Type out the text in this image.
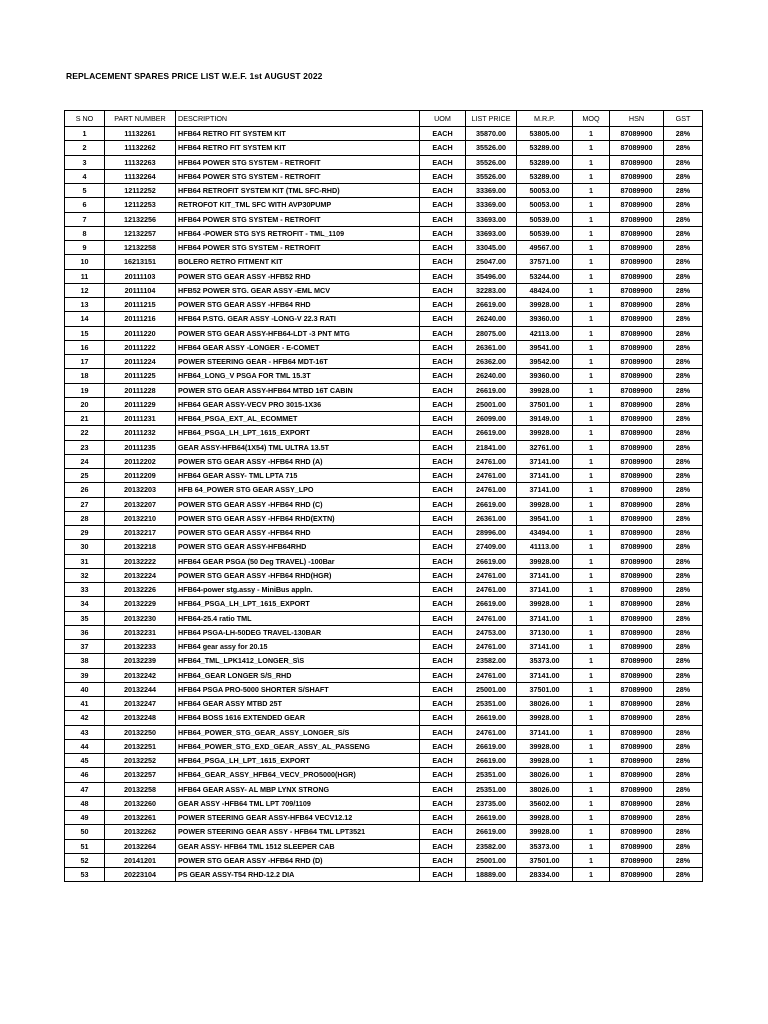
REPLACEMENT SPARES PRICE LIST W.E.F. 1st AUGUST 2022
S NO	PART NUMBER	DESCRIPTION	UOM	LIST PRICE	M.R.P.	MOQ	HSN	GST
1	11132261	HFB64 RETRO FIT SYSTEM KIT	EACH	35870.00	53805.00	1	87089900	28%
2	11132262	HFB64 RETRO FIT SYSTEM KIT	EACH	35526.00	53289.00	1	87089900	28%
3	11132263	HFB64 POWER STG SYSTEM - RETROFIT	EACH	35526.00	53289.00	1	87089900	28%
4	11132264	HFB64 POWER STG SYSTEM - RETROFIT	EACH	35526.00	53289.00	1	87089900	28%
5	12112252	HFB64 RETROFIT SYSTEM KIT (TML SFC-RHD)	EACH	33369.00	50053.00	1	87089900	28%
6	12112253	RETROFOT KIT_TML SFC WITH AVP30PUMP	EACH	33369.00	50053.00	1	87089900	28%
7	12132256	HFB64 POWER STG SYSTEM - RETROFIT	EACH	33693.00	50539.00	1	87089900	28%
8	12132257	HFB64 -POWER STG SYS RETROFIT - TML_1109	EACH	33693.00	50539.00	1	87089900	28%
9	12132258	HFB64 POWER STG SYSTEM - RETROFIT	EACH	33045.00	49567.00	1	87089900	28%
10	16213151	BOLERO RETRO FITMENT KIT	EACH	25047.00	37571.00	1	87089900	28%
11	20111103	POWER STG GEAR ASSY -HFB52 RHD	EACH	35496.00	53244.00	1	87089900	28%
12	20111104	HFB52 POWER STG. GEAR ASSY -EML MCV	EACH	32283.00	48424.00	1	87089900	28%
13	20111215	POWER STG GEAR ASSY -HFB64 RHD	EACH	26619.00	39928.00	1	87089900	28%
14	20111216	HFB64 P.STG. GEAR ASSY -LONG-V 22.3 RATI	EACH	26240.00	39360.00	1	87089900	28%
15	20111220	POWER STG GEAR ASSY-HFB64-LDT -3 PNT MTG	EACH	28075.00	42113.00	1	87089900	28%
16	20111222	HFB64 GEAR ASSY -LONGER - E-COMET	EACH	26361.00	39541.00	1	87089900	28%
17	20111224	POWER STEERING GEAR - HFB64 MDT-16T	EACH	26362.00	39542.00	1	87089900	28%
18	20111225	HFB64_LONG_V PSGA FOR TML 15.3T	EACH	26240.00	39360.00	1	87089900	28%
19	20111228	POWER STG GEAR ASSY-HFB64 MTBD 16T CABIN	EACH	26619.00	39928.00	1	87089900	28%
20	20111229	HFB64 GEAR ASSY-VECV PRO 3015-1X36	EACH	25001.00	37501.00	1	87089900	28%
21	20111231	HFB64_PSGA_EXT_AL_ECOMMET	EACH	26099.00	39149.00	1	87089900	28%
22	20111232	HFB64_PSGA_LH_LPT_1615_EXPORT	EACH	26619.00	39928.00	1	87089900	28%
23	20111235	GEAR ASSY-HFB64(1X54) TML ULTRA 13.5T	EACH	21841.00	32761.00	1	87089900	28%
24	20112202	POWER STG GEAR ASSY -HFB64 RHD (A)	EACH	24761.00	37141.00	1	87089900	28%
25	20112209	HFB64 GEAR ASSY- TML LPTA 715	EACH	24761.00	37141.00	1	87089900	28%
26	20132203	HFB 64_POWER STG GEAR ASSY_LPO	EACH	24761.00	37141.00	1	87089900	28%
27	20132207	POWER STG GEAR ASSY -HFB64 RHD (C)	EACH	26619.00	39928.00	1	87089900	28%
28	20132210	POWER STG GEAR ASSY -HFB64 RHD(EXTN)	EACH	26361.00	39541.00	1	87089900	28%
29	20132217	POWER STG GEAR ASSY -HFB64 RHD	EACH	28996.00	43494.00	1	87089900	28%
30	20132218	POWER STG GEAR ASSY-HFB64RHD	EACH	27409.00	41113.00	1	87089900	28%
31	20132222	HFB64 GEAR PSGA (50 Deg TRAVEL) -100Bar	EACH	26619.00	39928.00	1	87089900	28%
32	20132224	POWER STG GEAR ASSY -HFB64 RHD(HGR)	EACH	24761.00	37141.00	1	87089900	28%
33	20132226	HFB64-power stg.assy - MiniBus appln.	EACH	24761.00	37141.00	1	87089900	28%
34	20132229	HFB64_PSGA_LH_LPT_1615_EXPORT	EACH	26619.00	39928.00	1	87089900	28%
35	20132230	HFB64-25.4 ratio TML	EACH	24761.00	37141.00	1	87089900	28%
36	20132231	HFB64 PSGA-LH-50DEG TRAVEL-130BAR	EACH	24753.00	37130.00	1	87089900	28%
37	20132233	HFB64 gear assy for 20.15	EACH	24761.00	37141.00	1	87089900	28%
38	20132239	HFB64_TML_LPK1412_LONGER_S\S	EACH	23582.00	35373.00	1	87089900	28%
39	20132242	HFB64_GEAR LONGER S/S_RHD	EACH	24761.00	37141.00	1	87089900	28%
40	20132244	HFB64 PSGA PRO-5000 SHORTER S/SHAFT	EACH	25001.00	37501.00	1	87089900	28%
41	20132247	HFB64 GEAR ASSY MTBD 25T	EACH	25351.00	38026.00	1	87089900	28%
42	20132248	HFB64 BOSS 1616 EXTENDED GEAR	EACH	26619.00	39928.00	1	87089900	28%
43	20132250	HFB64_POWER_STG_GEAR_ASSY_LONGER_S/S	EACH	24761.00	37141.00	1	87089900	28%
44	20132251	HFB64_POWER_STG_EXD_GEAR_ASSY_AL_PASSENG	EACH	26619.00	39928.00	1	87089900	28%
45	20132252	HFB64_PSGA_LH_LPT_1615_EXPORT	EACH	26619.00	39928.00	1	87089900	28%
46	20132257	HFB64_GEAR_ASSY_HFB64_VECV_PRO5000(HGR)	EACH	25351.00	38026.00	1	87089900	28%
47	20132258	HFB64 GEAR ASSY- AL MBP LYNX STRONG	EACH	25351.00	38026.00	1	87089900	28%
48	20132260	GEAR ASSY -HFB64 TML LPT 709/1109	EACH	23735.00	35602.00	1	87089900	28%
49	20132261	POWER STEERING GEAR ASSY-HFB64 VECV12.12	EACH	26619.00	39928.00	1	87089900	28%
50	20132262	POWER STEERING GEAR ASSY - HFB64 TML LPT3521	EACH	26619.00	39928.00	1	87089900	28%
51	20132264	GEAR ASSY- HFB64 TML 1512 SLEEPER CAB	EACH	23582.00	35373.00	1	87089900	28%
52	20141201	POWER STG GEAR ASSY -HFB64 RHD (D)	EACH	25001.00	37501.00	1	87089900	28%
53	20223104	PS GEAR ASSY-T54 RHD-12.2 DIA	EACH	18889.00	28334.00	1	87089900	28%
